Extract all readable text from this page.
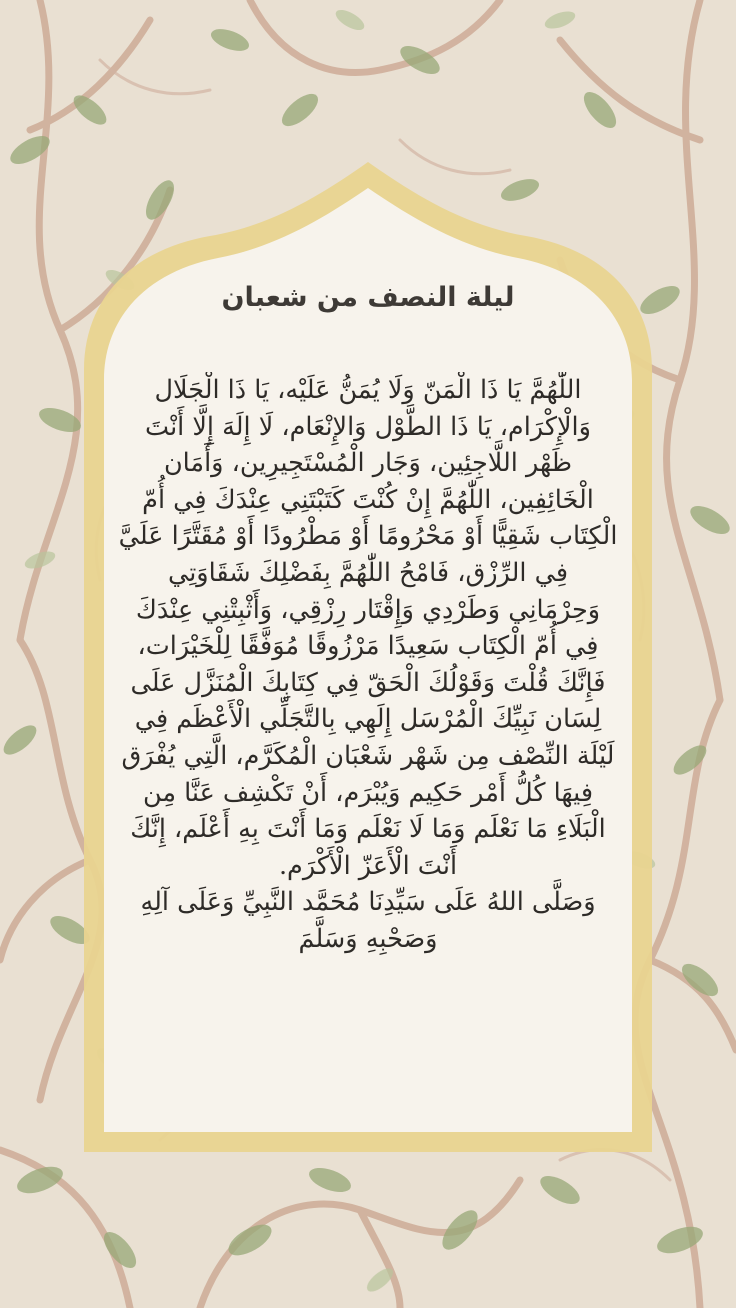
ليلة النصف من شعبان

اللّٰهُمَّ يَا ذَا الْمَنّ وَلَا يُمَنُّ عَلَيْه، يَا ذَا الْجَلَال وَالْإِكْرَام، يَا ذَا الطَّوْل وَالإِنْعَام، لَا إِلَهَ إِلَّا أَنْتَ ظَهْر اللَّاجِئِين، وَجَار الْمُسْتَجِيرِين، وَأَمَان الْخَائِفِين، اللّٰهُمَّ إِنْ كُنْتَ كَتَبْتَنِي عِنْدَكَ فِي أُمّ الْكِتَاب شَقِيًّا أَوْ مَحْرُومًا أَوْ مَطْرُودًا أَوْ مُقَتَّرًا عَلَيَّ فِي الرِّزْق، فَامْحُ اللّٰهُمَّ بِفَضْلِكَ شَقَاوَتِي وَحِرْمَانِي وَطَرْدِي وَإِقْتَار رِزْقِي، وَأَثْبِتْنِي عِنْدَكَ فِي أُمّ الْكِتَاب سَعِيدًا مَرْزُوقًا مُوَفَّقًا لِلْخَيْرَات، فَإِنَّكَ قُلْتَ وَقَوْلُكَ الْحَقّ فِي كِتَابِكَ الْمُنَزَّل عَلَى لِسَان نَبِيِّكَ الْمُرْسَل إِلَهِي بِالتَّجَلِّي الْأَعْظَم فِي لَيْلَة النِّصْف مِن شَهْر شَعْبَان الْمُكَرَّم، الَّتِي يُفْرَق فِيهَا كُلُّ أَمْر حَكِيم وَيُبْرَم، أَنْ تَكْشِف عَنَّا مِن الْبَلَاءِ مَا نَعْلَم وَمَا لَا نَعْلَم وَمَا أَنْتَ بِهِ أَعْلَم، إِنَّكَ أَنْتَ الْأَعَزّ الْأَكْرَم.

وَصَلَّى اللهُ عَلَى سَيِّدِنَا مُحَمَّد النَّبِيِّ وَعَلَى آلِهِ وَصَحْبِهِ وَسَلَّمَ
